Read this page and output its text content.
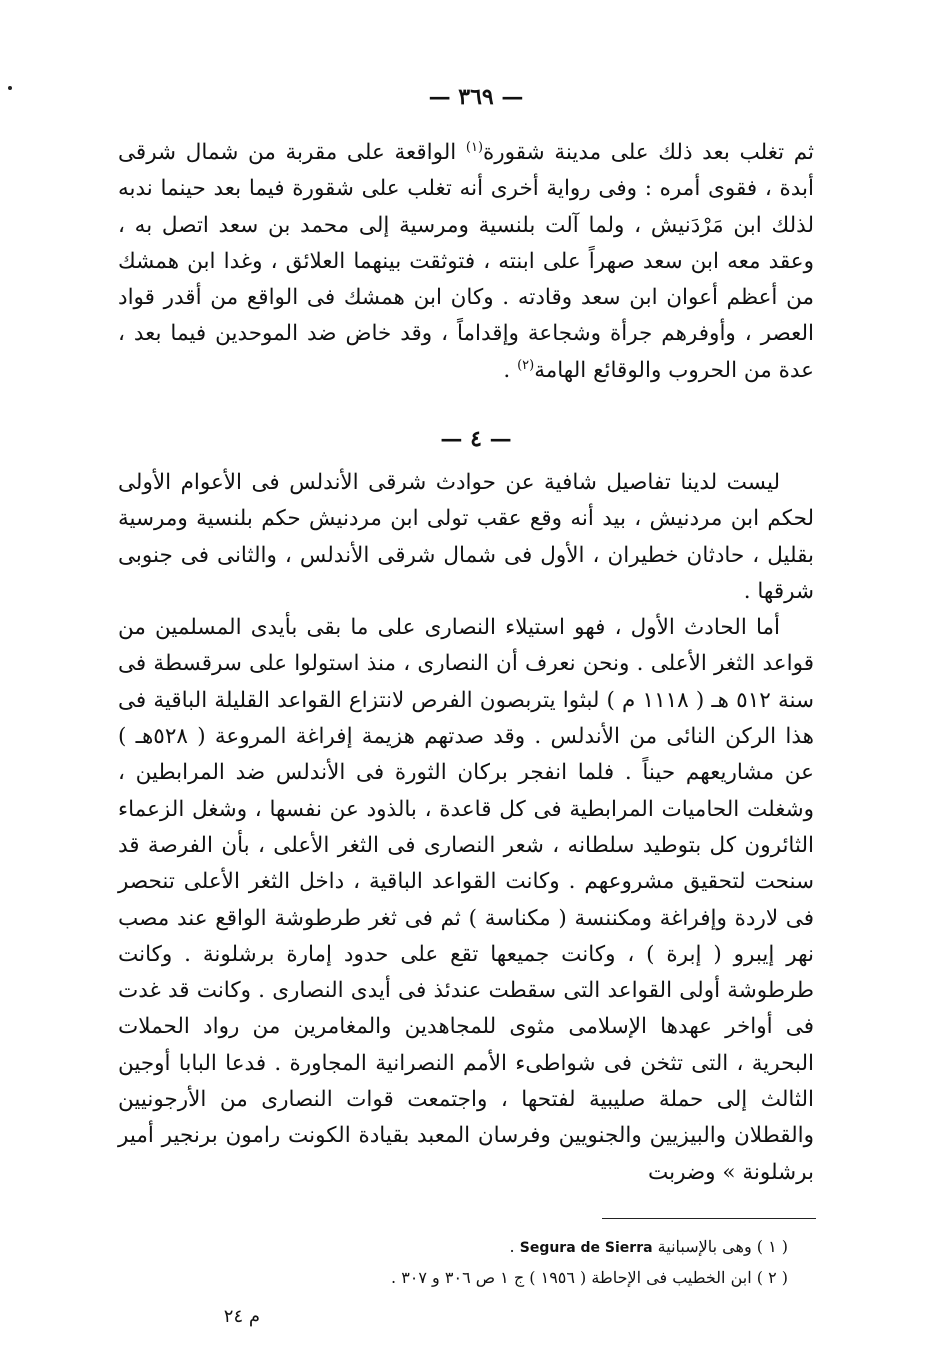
— ٣٦٩ —

ثم تغلب بعد ذلك على مدينة شقورة$^{(١)}$ الواقعة على مقربة من شمال شرقى أبدة ، فقوى أمره : وفى رواية أخرى أنه تغلب على شقورة فيما بعد حينما ندبه لذلك ابن مَرْدَنيش ، ولما آلت بلنسية ومرسية إلى محمد بن سعد اتصل به ، وعقد معه ابن سعد صهراً على ابنته ، فتوثقت بينهما العلائق ، وغدا ابن همشك من أعظم أعوان ابن سعد وقادته . وكان ابن همشك فى الواقع من أقدر قواد العصر ، وأوفرهم جرأة وشجاعة وإقداماً ، وقد خاض ضد الموحدين فيما بعد ، عدة من الحروب والوقائع الهامة$^{(٢)}$ .

— ٤ —

ليست لدينا تفاصيل شافية عن حوادث شرقى الأندلس فى الأعوام الأولى لحكم ابن مردنيش ، بيد أنه وقع عقب تولى ابن مردنيش حكم بلنسية ومرسية بقليل ، حادثان خطيران ، الأول فى شمال شرقى الأندلس ، والثانى فى جنوبى شرقها .

أما الحادث الأول ، فهو استيلاء النصارى على ما بقى بأيدى المسلمين من قواعد الثغر الأعلى . ونحن نعرف أن النصارى ، منذ استولوا على سرقسطة فى سنة ٥١٢ هـ ( ١١١٨ م ) لبثوا يتربصون الفرص لانتزاع القواعد القليلة الباقية فى هذا الركن النائى من الأندلس . وقد صدتهم هزيمة إفراغة المروعة ( ٥٢٨هـ ) عن مشاريعهم حيناً . فلما انفجر بركان الثورة فى الأندلس ضد المرابطين ، وشغلت الحاميات المرابطية فى كل قاعدة ، بالذود عن نفسها ، وشغل الزعماء الثائرون كل بتوطيد سلطانه ، شعر النصارى فى الثغر الأعلى ، بأن الفرصة قد سنحت لتحقيق مشروعهم . وكانت القواعد الباقية ، داخل الثغر الأعلى تنحصر فى لاردة وإفراغة ومكننسة ( مكناسة ) ثم فى ثغر طرطوشة الواقع عند مصب نهر إيبرو ( إبرة ) ، وكانت جميعها تقع على حدود إمارة برشلونة . وكانت طرطوشة أولى القواعد التى سقطت عندئذ فى أيدى النصارى . وكانت قد غدت فى أواخر عهدها الإسلامى مثوى للمجاهدين والمغامرين من رواد الحملات البحرية ، التى تثخن فى شواطىء الأمم النصرانية المجاورة . فدعا البابا أوجين الثالث إلى حملة صليبية لفتحها ، واجتمعت قوات النصارى من الأرجونيين والقطلان والبيزيين والجنويين وفرسان المعبد بقيادة الكونت رامون برنجير أمير برشلونة » وضربت

( ١ ) وهى بالإسبانية Segura de Sierra .

( ٢ ) ابن الخطيب فى الإحاطة ( ١٩٥٦ ) ج ١ ص ٣٠٦ و ٣٠٧ .

م ٢٤
